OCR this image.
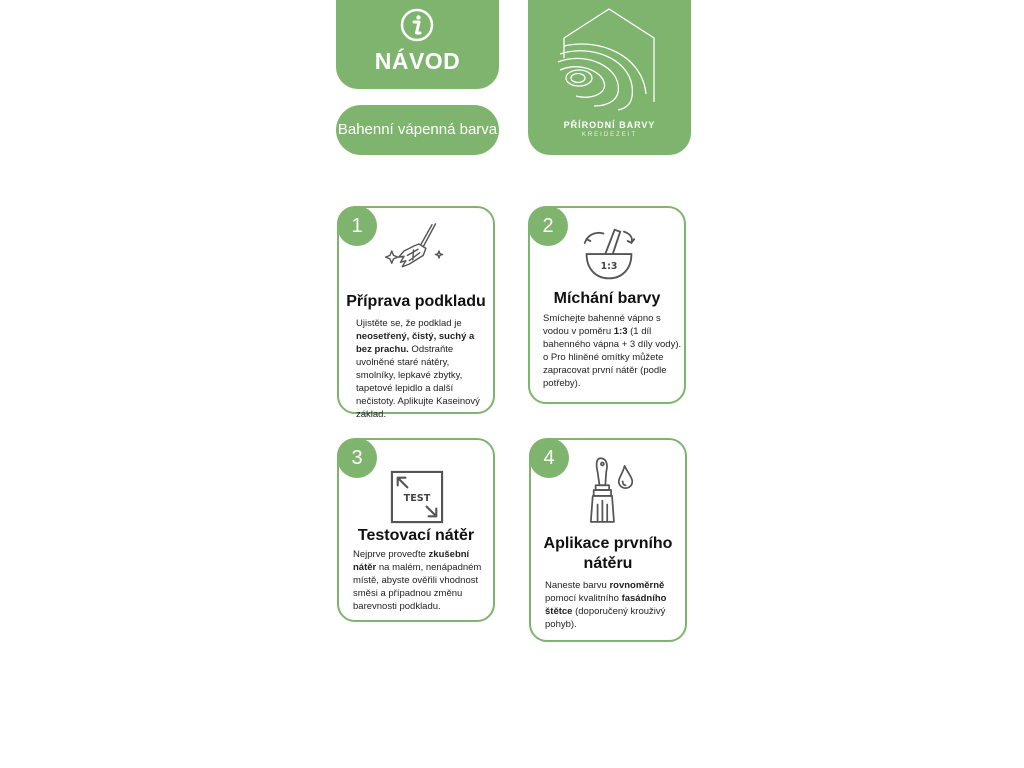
NÁVOD
Bahenní vápenná barva	PŘÍRODNÍ BARVY
KREIDEZEIT
1
Příprava podkladu
Ujistěte se, že podklad je neosetřený, čistý, suchý a bez prachu. Odstraňte uvolněné staré nátěry, smolníky, lepkavé zbytky, tapetové lepidlo a další nečistoty. Aplikujte Kaseinový základ.
2
1:3
Míchání barvy
Smíchejte bahenné vápno s vodou v poměru 1:3 (1 díl bahenného vápna + 3 díly vody). o Pro hliněné omítky můžete zapracovat první nátěr (podle potřeby).
3
TEST
Testovací nátěr
Nejprve proveďte zkušební nátěr na malém, nenápadném místě, abyste ověřili vhodnost směsi a případnou změnu barevnosti podkladu.
4
Aplikace prvního nátěru
Naneste barvu rovnoměrně pomocí kvalitního fasádního štětce (doporučený krouživý pohyb).
